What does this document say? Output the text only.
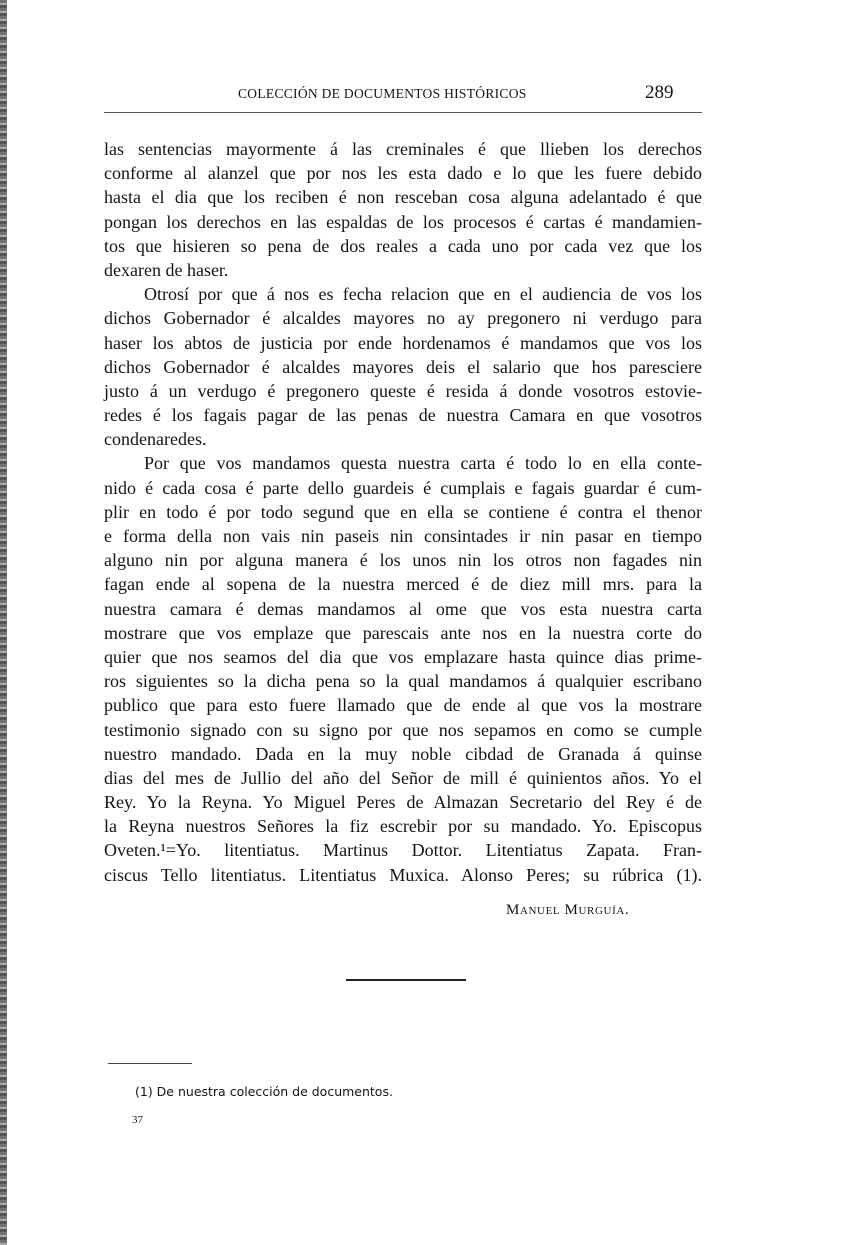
COLECCIÓN DE DOCUMENTOS HISTÓRICOS	289
las sentencias mayormente á las creminales é que llieben los derechos
conforme al alanzel que por nos les esta dado e lo que les fuere debido
hasta el dia que los reciben é non resceban cosa alguna adelantado é que
pongan los derechos en las espaldas de los procesos é cartas é mandamien-
tos que hisieren so pena de dos reales a cada uno por cada vez que los
dexaren de haser.
Otrosí por que á nos es fecha relacion que en el audiencia de vos los
dichos Gobernador é alcaldes mayores no ay pregonero ni verdugo para
haser los abtos de justicia por ende hordenamos é mandamos que vos los
dichos Gobernador é alcaldes mayores deis el salario que hos paresciere
justo á un verdugo é pregonero queste é resida á donde vosotros estovie-
redes é los fagais pagar de las penas de nuestra Camara en que vosotros
condenaredes.
Por que vos mandamos questa nuestra carta é todo lo en ella conte-
nido é cada cosa é parte dello guardeis é cumplais e fagais guardar é cum-
plir en todo é por todo segund que en ella se contiene é contra el thenor
e forma della non vais nin paseis nin consintades ir nin pasar en tiempo
alguno nin por alguna manera é los unos nin los otros non fagades nin
fagan ende al sopena de la nuestra merced é de diez mill mrs. para la
nuestra camara é demas mandamos al ome que vos esta nuestra carta
mostrare que vos emplaze que parescais ante nos en la nuestra corte do
quier que nos seamos del dia que vos emplazare hasta quince dias prime-
ros siguientes so la dicha pena so la qual mandamos á qualquier escribano
publico que para esto fuere llamado que de ende al que vos la mostrare
testimonio signado con su signo por que nos sepamos en como se cumple
nuestro mandado. Dada en la muy noble cibdad de Granada á quinse
dias del mes de Jullio del año del Señor de mill é quinientos años. Yo el
Rey. Yo la Reyna. Yo Miguel Peres de Almazan Secretario del Rey é de
la Reyna nuestros Señores la fiz escrebir por su mandado. Yo. Episcopus
Oveten.¹=Yo. litentiatus. Martinus Dottor. Litentiatus Zapata. Fran-
ciscus Tello litentiatus. Litentiatus Muxica. Alonso Peres; su rúbrica (1).
Manuel Murguía.
(1) De nuestra colección de documentos.
37
